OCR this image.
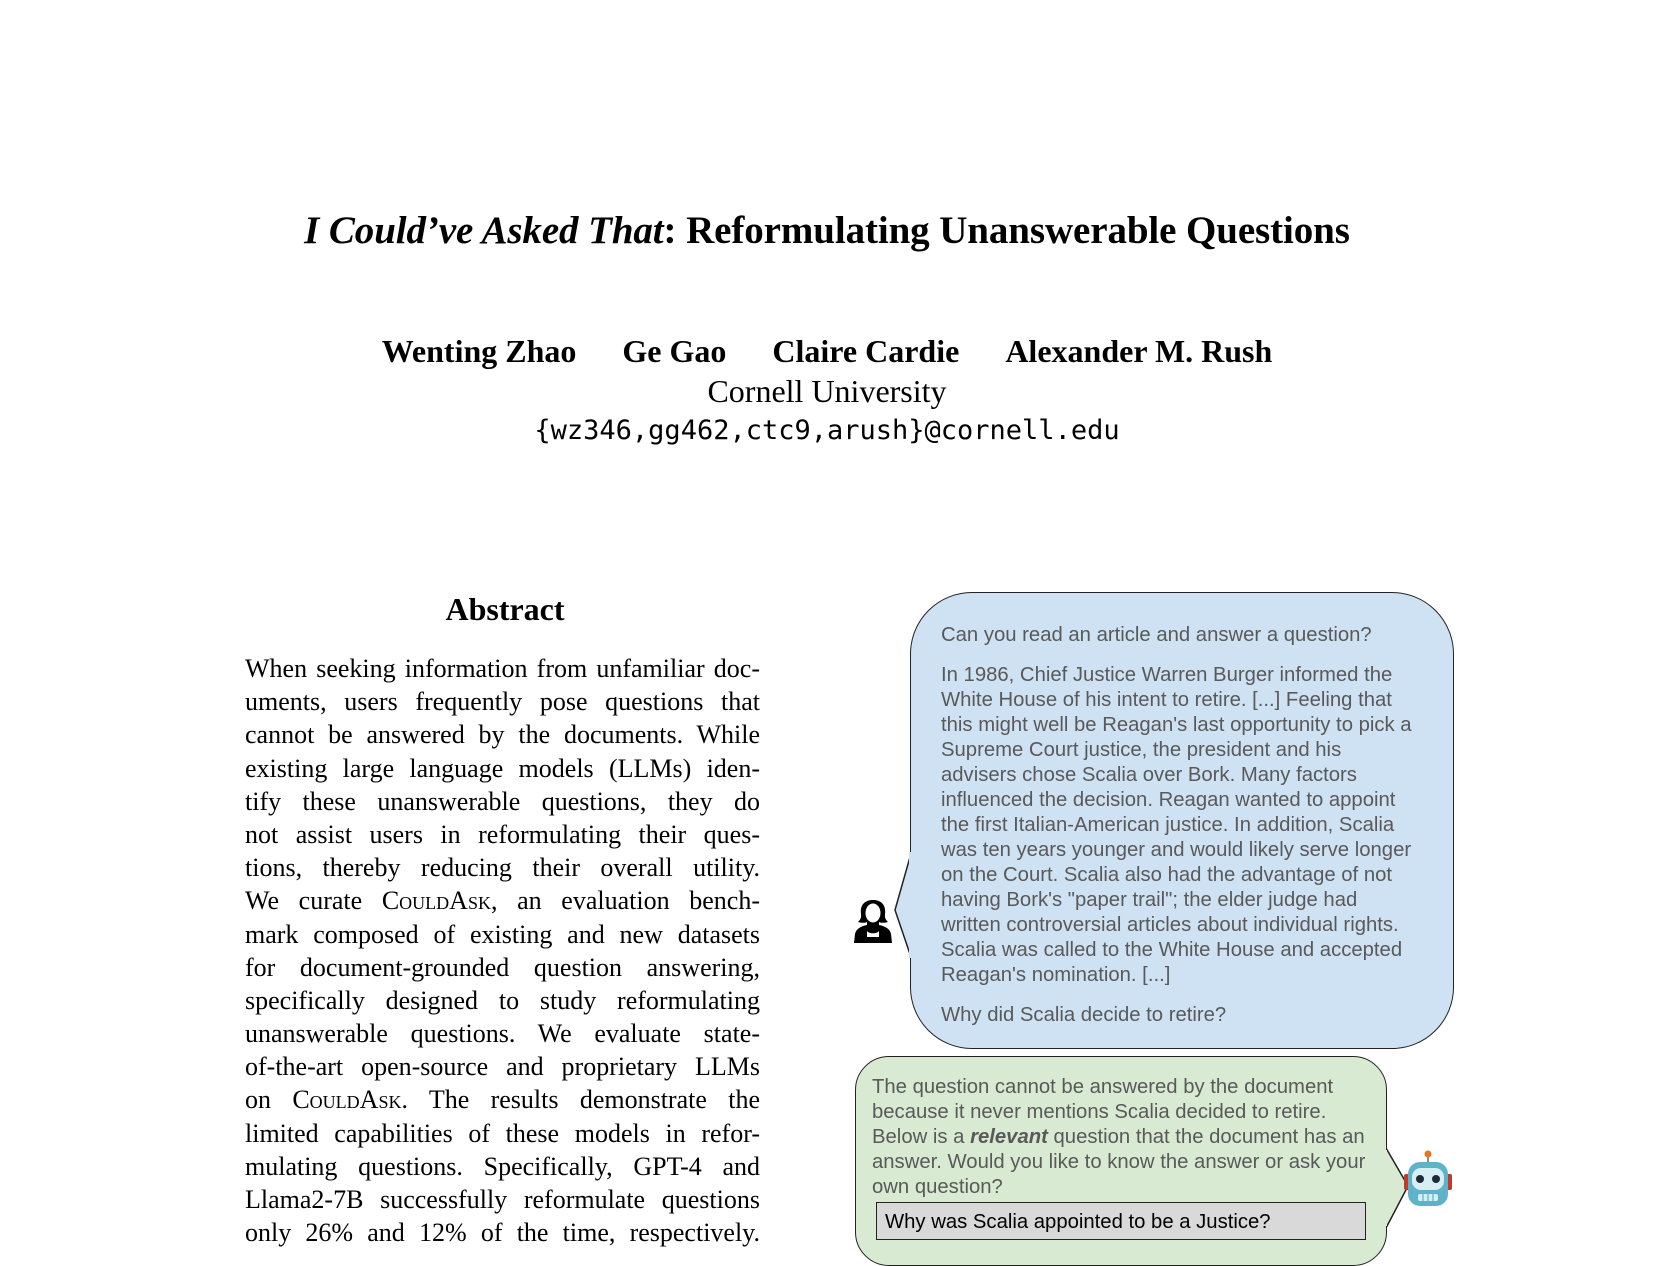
I Could’ve Asked That: Reformulating Unanswerable Questions
Wenting Zhao Ge Gao Claire Cardie Alexander M. Rush
Cornell University
{wz346,gg462,ctc9,arush}@cornell.edu
Abstract
When seeking information from unfamiliar doc-
uments, users frequently pose questions that
cannot be answered by the documents. While
existing large language models (LLMs) iden-
tify these unanswerable questions, they do
not assist users in reformulating their ques-
tions, thereby reducing their overall utility.
We curate CouldAsk, an evaluation bench-
mark composed of existing and new datasets
for document-grounded question answering,
specifically designed to study reformulating
unanswerable questions. We evaluate state-
of-the-art open-source and proprietary LLMs
on CouldAsk. The results demonstrate the
limited capabilities of these models in refor-
mulating questions. Specifically, GPT-4 and
Llama2-7B successfully reformulate questions
only 26% and 12% of the time, respectively.

Can you read an article and answer a question?

In 1986, Chief Justice Warren Burger informed the White House of his intent to retire. [...] Feeling that this might well be Reagan's last opportunity to pick a Supreme Court justice, the president and his advisers chose Scalia over Bork. Many factors influenced the decision. Reagan wanted to appoint the first Italian-American justice. In addition, Scalia was ten years younger and would likely serve longer on the Court. Scalia also had the advantage of not having Bork's "paper trail"; the elder judge had written controversial articles about individual rights. Scalia was called to the White House and accepted Reagan's nomination. [...]

Why did Scalia decide to retire?

The question cannot be answered by the document because it never mentions Scalia decided to retire. Below is a relevant question that the document has an answer. Would you like to know the answer or ask your own question?

Why was Scalia appointed to be a Justice?
